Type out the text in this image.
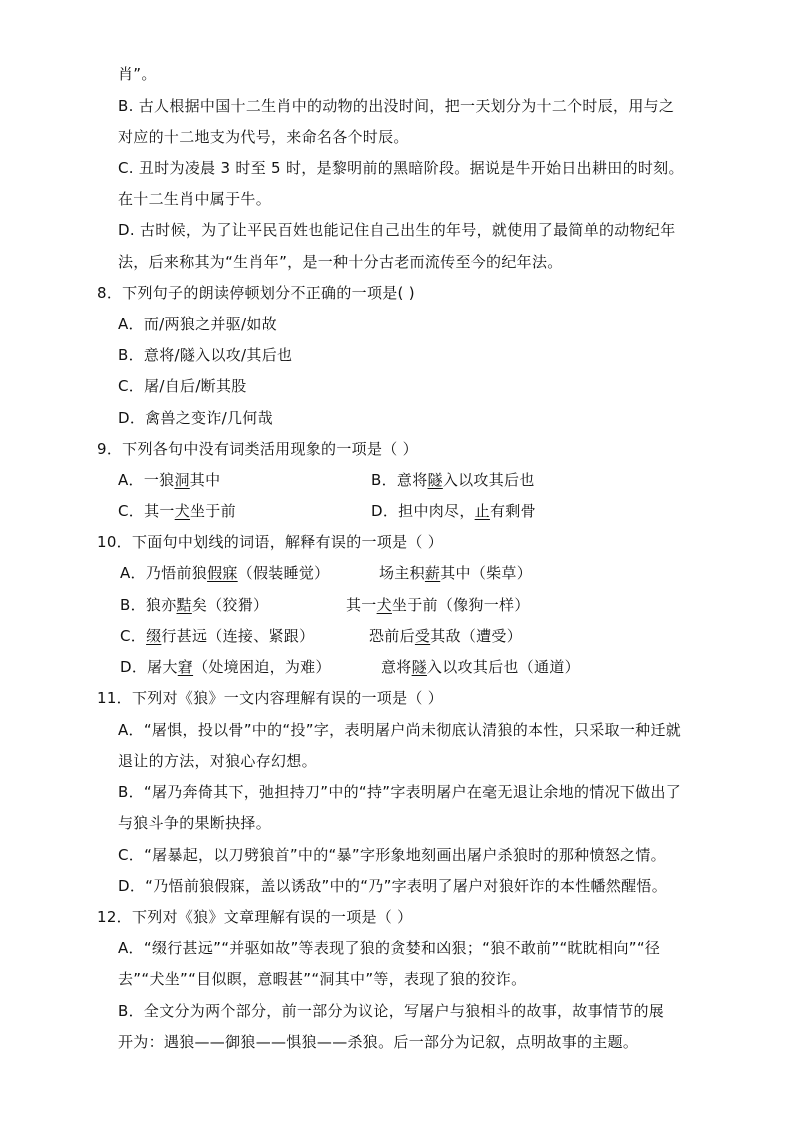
肖”。
B. 古人根据中国十二生肖中的动物的出没时间，把一天划分为十二个时辰，用与之
对应的十二地支为代号，来命名各个时辰。
C. 丑时为凌晨 3 时至 5 时，是黎明前的黑暗阶段。据说是牛开始日出耕田的时刻。
在十二生肖中属于牛。
D. 古时候，为了让平民百姓也能记住自己出生的年号，就使用了最简单的动物纪年
法，后来称其为“生肖年”，是一种十分古老而流传至今的纪年法。
8．下列句子的朗读停顿划分不正确的一项是( )
A．而/两狼之并驱/如故
B．意将/隧入以攻/其后也
C．屠/自后/断其股
D．禽兽之变诈/几何哉
9．下列各句中没有词类活用现象的一项是（ ）
A．一狼洞其中	B．意将隧入以攻其后也
C．其一犬坐于前	D．担中肉尽，止有剩骨
10．下面句中划线的词语，解释有误的一项是（ ）
A．乃悟前狼假寐（假装睡觉）	场主积薪其中（柴草）
B．狼亦黠矣（狡猾）	其一犬坐于前（像狗一样）
C．缀行甚远（连接、紧跟）	恐前后受其敌（遭受）
D．屠大窘（处境困迫，为难）	意将隧入以攻其后也（通道）
11．下列对《狼》一文内容理解有误的一项是（ ）
A．“屠惧，投以骨”中的“投”字，表明屠户尚未彻底认清狼的本性，只采取一种迁就
退让的方法，对狼心存幻想。
B．“屠乃奔倚其下，弛担持刀”中的“持”字表明屠户在毫无退让余地的情况下做出了
与狼斗争的果断抉择。
C．“屠暴起，以刀劈狼首”中的“暴”字形象地刻画出屠户杀狼时的那种愤怒之情。
D．“乃悟前狼假寐，盖以诱敌”中的“乃”字表明了屠户对狼奸诈的本性幡然醒悟。
12．下列对《狼》文章理解有误的一项是（ ）
A．“缀行甚远”“并驱如故”等表现了狼的贪婪和凶狠；“狼不敢前”“眈眈相向”“径
去”“犬坐”“目似瞑，意暇甚”“洞其中”等，表现了狼的狡诈。
B．全文分为两个部分，前一部分为议论，写屠户与狼相斗的故事，故事情节的展
开为：遇狼——御狼——惧狼——杀狼。后一部分为记叙，点明故事的主题。
